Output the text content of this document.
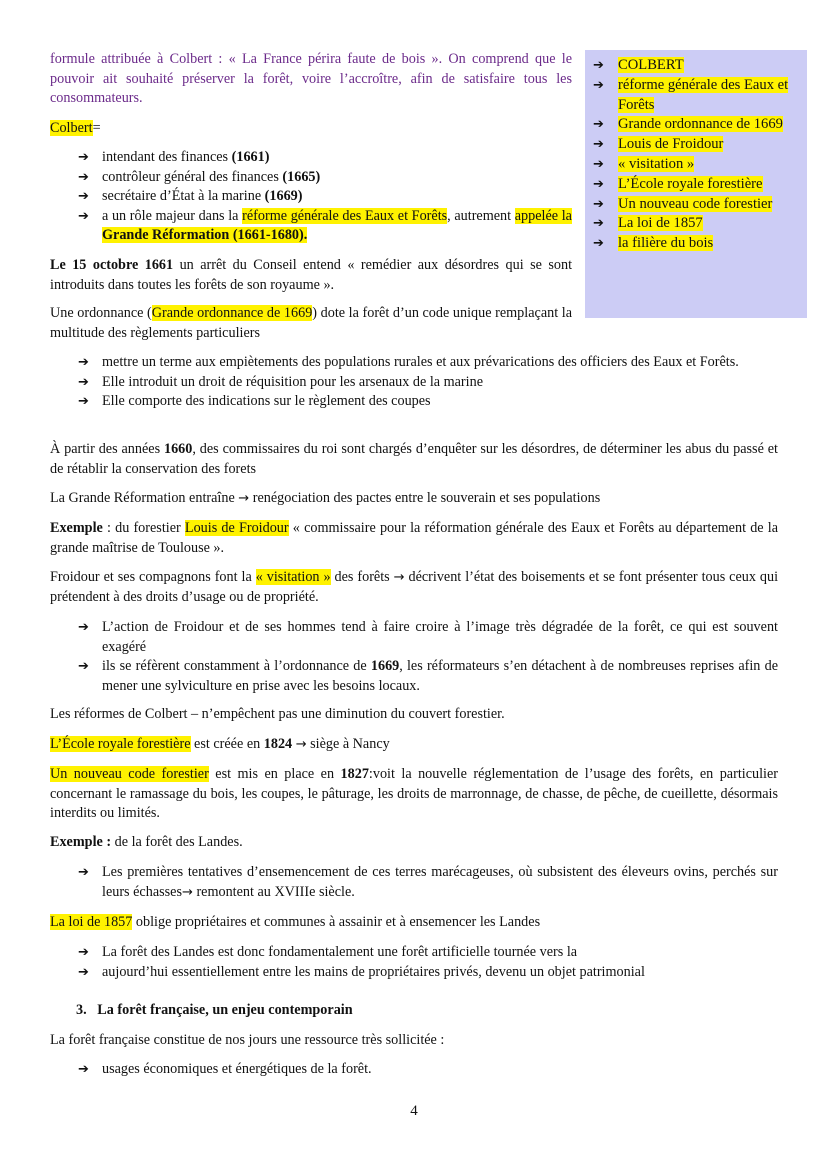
formule attribuée à Colbert : « La France périra faute de bois ». On comprend que le pouvoir ait souhaité préserver la forêt, voire l’accroître, afin de satisfaire tous les consommateurs.

➔ COLBERT
➔ réforme générale des Eaux et Forêts
➔ Grande ordonnance de 1669
➔ Louis de Froidour
➔ « visitation »
➔ L’École royale forestière
➔ Un nouveau code forestier
➔ La loi de 1857
➔ la filière du bois
Colbert=
➔ intendant des finances (1661)
➔ contrôleur général des finances (1665)
➔ secrétaire d’État à la marine (1669)
➔ a un rôle majeur dans la réforme générale des Eaux et Forêts, autrement appelée la Grande Réformation (1661-1680).

Le 15 octobre 1661 un arrêt du Conseil entend « remédier aux désordres qui se sont introduits dans toutes les forêts de son royaume ».

Une ordonnance (Grande ordonnance de 1669) dote la forêt d’un code unique remplaçant la multitude des règlements particuliers

➔ mettre un terme aux empiètements des populations rurales et aux prévarications des officiers des Eaux et Forêts.
➔ Elle introduit un droit de réquisition pour les arsenaux de la marine
➔ Elle comporte des indications sur le règlement des coupes

À partir des années 1660, des commissaires du roi sont chargés d’enquêter sur les désordres, de déterminer les abus du passé et de rétablir la conservation des forets

La Grande Réformation entraîne → renégociation des pactes entre le souverain et ses populations

Exemple : du forestier Louis de Froidour « commissaire pour la réformation générale des Eaux et Forêts au département de la grande maîtrise de Toulouse ».

Froidour et ses compagnons font la « visitation » des forêts → décrivent l’état des boisements et se font présenter tous ceux qui prétendent à des droits d’usage ou de propriété.

➔ L’action de Froidour et de ses hommes tend à faire croire à l’image très dégradée de la forêt, ce qui est souvent exagéré
➔ ils se réfèrent constamment à l’ordonnance de 1669, les réformateurs s’en détachent à de nombreuses reprises afin de mener une sylviculture en prise avec les besoins locaux.

Les réformes de Colbert – n’empêchent pas une diminution du couvert forestier.

L’École royale forestière est créée en 1824 → siège à Nancy

Un nouveau code forestier est mis en place en 1827:voit la nouvelle réglementation de l’usage des forêts, en particulier concernant le ramassage du bois, les coupes, le pâturage, les droits de marronnage, de chasse, de pêche, de cueillette, désormais interdits ou limités.

Exemple : de la forêt des Landes.

➔ Les premières tentatives d’ensemencement de ces terres marécageuses, où subsistent des éleveurs ovins, perchés sur leurs échasses→ remontent au XVIIIe siècle.

La loi de 1857 oblige propriétaires et communes à assainir et à ensemencer les Landes

➔ La forêt des Landes est donc fondamentalement une forêt artificielle tournée vers la
➔ aujourd’hui essentiellement entre les mains de propriétaires privés, devenu un objet patrimonial
3. La forêt française, un enjeu contemporain

La forêt française constitue de nos jours une ressource très sollicitée :

➔ usages économiques et énergétiques de la forêt.
4
